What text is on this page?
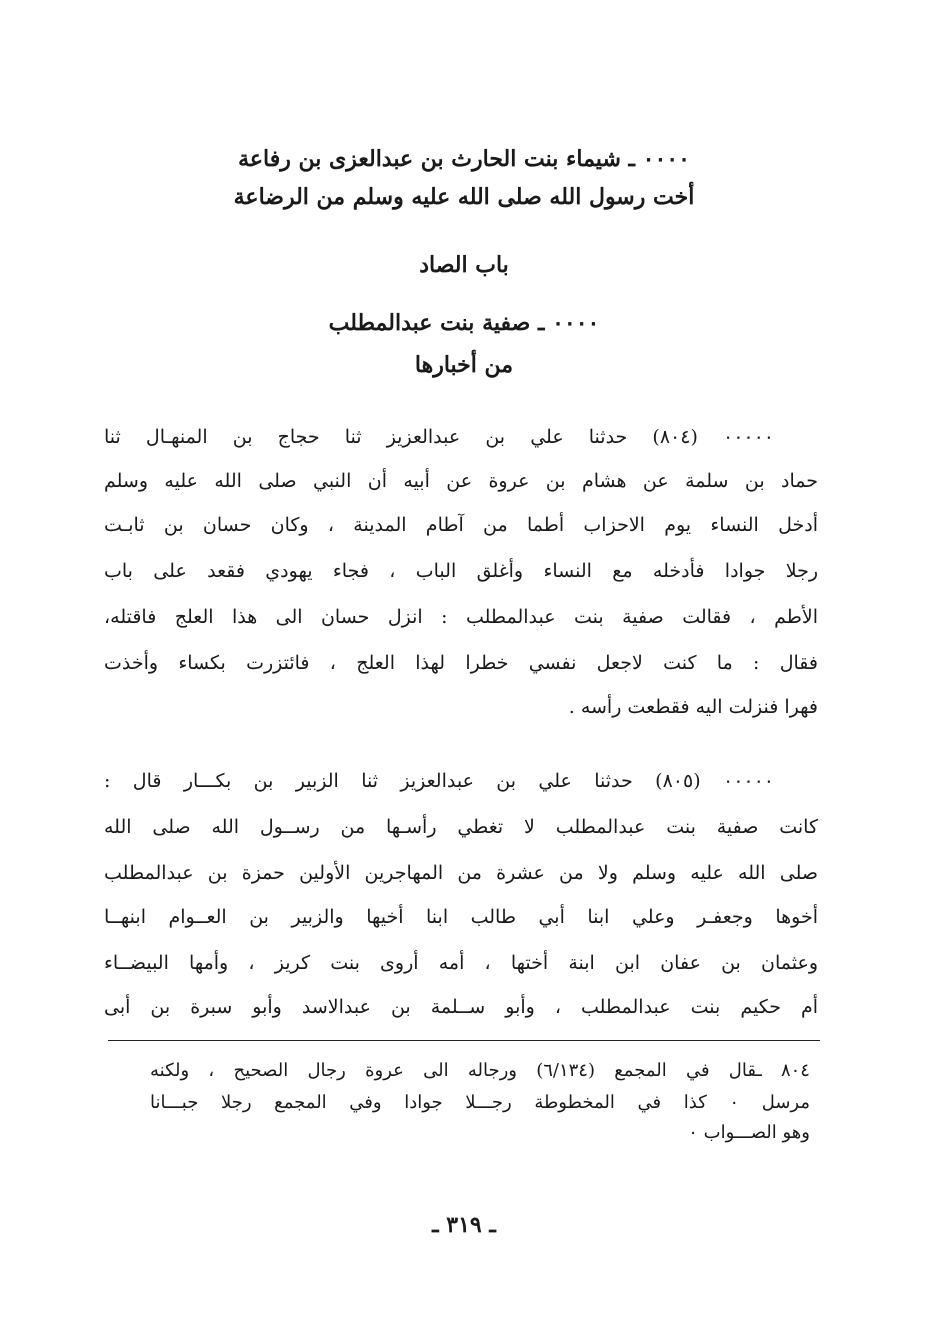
٠٠٠٠ ـ شيماء بنت الحارث بن عبدالعزى بن رفاعة
أخت رسول الله صلى الله عليه وسلم من الرضاعة
باب الصاد
٠٠٠٠ ـ صفية بنت عبدالمطلب
من أخبارها
٠٠٠٠٠ (٨٠٤) حدثنا علي بن عبدالعزيز ثنا حجاج بن المنهـال ثنا
حماد بن سلمة عن هشام بن عروة عن أبيه أن النبي صلى الله عليه وسلم
أدخل النساء يوم الاحزاب أطما من آطام المدينة ، وكان حسان بن ثابـت
رجلا جوادا فأدخله مع النساء وأغلق الباب ، فجاء يهودي فقعد على باب
الأطم ، فقالت صفية بنت عبدالمطلب : انزل حسان الى هذا العلج فاقتله،
فقال : ما كنت لاجعل نفسي خطرا لهذا العلج ، فائتزرت بكساء وأخذت
فهرا فنزلت اليه فقطعت رأسه .
٠٠٠٠٠ (٨٠٥) حدثنا علي بن عبدالعزيز ثنا الزبير بن بكـــار قال :
كانت صفية بنت عبدالمطلب لا تغطي رأسـها من رســول الله صلى الله
صلى الله عليه وسلم ولا من عشرة من المهاجرين الأولين حمزة بن عبدالمطلب
أخوها وجعفـر وعلي ابنا أبي طالب ابنا أخيها والزبير بن العــوام ابنهــا
وعثمان بن عفان ابن ابنة أختها ، أمه أروى بنت كريز ، وأمها البيضــاء
أم حكيم بنت عبدالمطلب ، وأبو ســلمة بن عبدالاسد وأبو سبرة بن أبى
٨٠٤ ـقال في المجمع (٦/١٣٤) ورجاله الى عروة رجال الصحيح ، ولكنه
مرسل ٠ كذا في المخطوطة رجـــلا جوادا وفي المجمع رجلا جبـــانا
وهو الصـــواب ٠
ـ ٣١٩ ـ
